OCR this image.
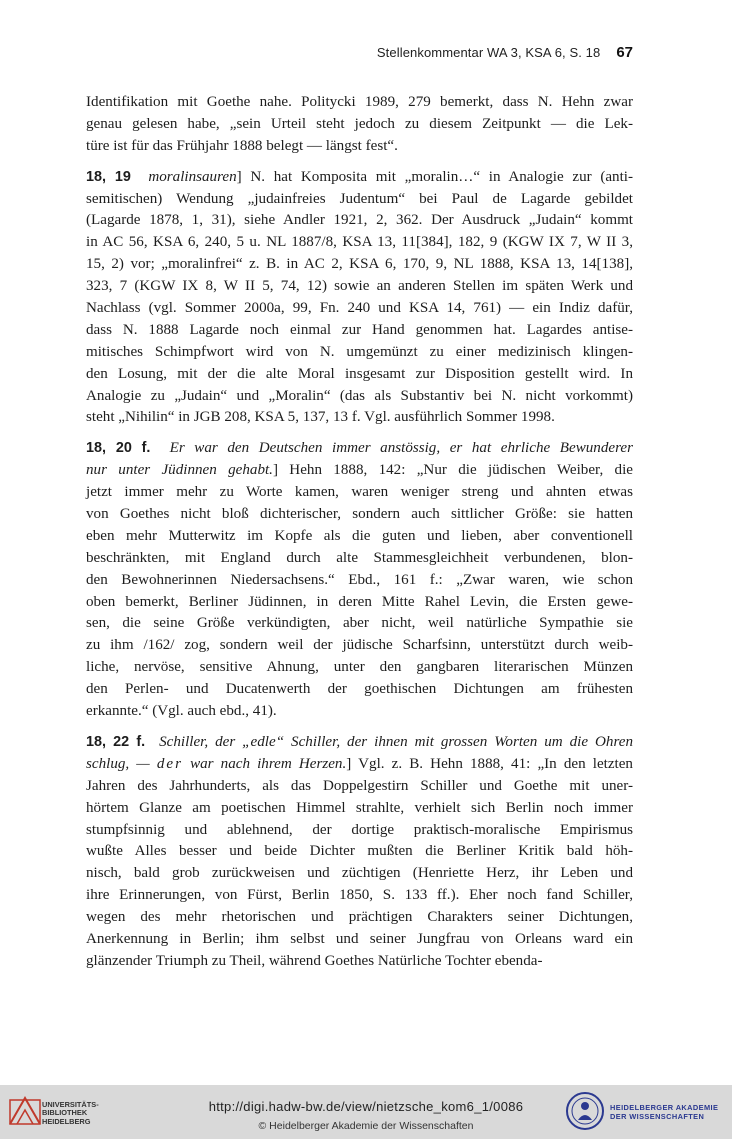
Stellenkommentar WA 3, KSA 6, S. 18 67
Identifikation mit Goethe nahe. Politycki 1989, 279 bemerkt, dass N. Hehn zwar
genau gelesen habe, „sein Urteil steht jedoch zu diesem Zeitpunkt — die Lek-
türe ist für das Frühjahr 1888 belegt — längst fest“.
18, 19 moralinsauren] N. hat Komposita mit „moralin…“ in Analogie zur (anti-
semitischen) Wendung „judainfreies Judentum“ bei Paul de Lagarde gebildet
(Lagarde 1878, 1, 31), siehe Andler 1921, 2, 362. Der Ausdruck „Judain“ kommt
in AC 56, KSA 6, 240, 5 u. NL 1887/8, KSA 13, 11[384], 182, 9 (KGW IX 7, W II 3,
15, 2) vor; „moralinfrei“ z. B. in AC 2, KSA 6, 170, 9, NL 1888, KSA 13, 14[138],
323, 7 (KGW IX 8, W II 5, 74, 12) sowie an anderen Stellen im späten Werk und
Nachlass (vgl. Sommer 2000a, 99, Fn. 240 und KSA 14, 761) — ein Indiz dafür,
dass N. 1888 Lagarde noch einmal zur Hand genommen hat. Lagardes antise-
mitisches Schimpfwort wird von N. umgemünzt zu einer medizinisch klingen-
den Losung, mit der die alte Moral insgesamt zur Disposition gestellt wird. In
Analogie zu „Judain“ und „Moralin“ (das als Substantiv bei N. nicht vorkommt)
steht „Nihilin“ in JGB 208, KSA 5, 137, 13 f. Vgl. ausführlich Sommer 1998.
18, 20 f. Er war den Deutschen immer anstössig, er hat ehrliche Bewunderer
nur unter Jüdinnen gehabt.] Hehn 1888, 142: „Nur die jüdischen Weiber, die
jetzt immer mehr zu Worte kamen, waren weniger streng und ahnten etwas
von Goethes nicht bloß dichterischer, sondern auch sittlicher Größe: sie hatten
eben mehr Mutterwitz im Kopfe als die guten und lieben, aber conventionell
beschränkten, mit England durch alte Stammesgleichheit verbundenen, blon-
den Bewohnerinnen Niedersachsens.“ Ebd., 161 f.: „Zwar waren, wie schon
oben bemerkt, Berliner Jüdinnen, in deren Mitte Rahel Levin, die Ersten gewe-
sen, die seine Größe verkündigten, aber nicht, weil natürliche Sympathie sie
zu ihm /162/ zog, sondern weil der jüdische Scharfsinn, unterstützt durch weib-
liche, nervöse, sensitive Ahnung, unter den gangbaren literarischen Münzen
den Perlen- und Ducatenwerth der goethischen Dichtungen am frühesten
erkannte.“ (Vgl. auch ebd., 41).
18, 22 f. Schiller, der „edle“ Schiller, der ihnen mit grossen Worten um die Ohren
schlug, — der war nach ihrem Herzen.] Vgl. z. B. Hehn 1888, 41: „In den letzten
Jahren des Jahrhunderts, als das Doppelgestirn Schiller und Goethe mit uner-
hörtem Glanze am poetischen Himmel strahlte, verhielt sich Berlin noch immer
stumpfsinnig und ablehnend, der dortige praktisch-moralische Empirismus
wußte Alles besser und beide Dichter mußten die Berliner Kritik bald höh-
nisch, bald grob zurückweisen und züchtigen (Henriette Herz, ihr Leben und
ihre Erinnerungen, von Fürst, Berlin 1850, S. 133 ff.). Eher noch fand Schiller,
wegen des mehr rhetorischen und prächtigen Charakters seiner Dichtungen,
Anerkennung in Berlin; ihm selbst und seiner Jungfrau von Orleans ward ein
glänzender Triumph zu Theil, während Goethes Natürliche Tochter ebenda-
UNIVERSITÄTS-
BIBLIOTHEK
HEIDELBERG
http://digi.hadw-bw.de/view/nietzsche_kom6_1/0086
© Heidelberger Akademie der Wissenschaften
HEIDELBERGER AKADEMIE
DER WISSENSCHAFTEN
